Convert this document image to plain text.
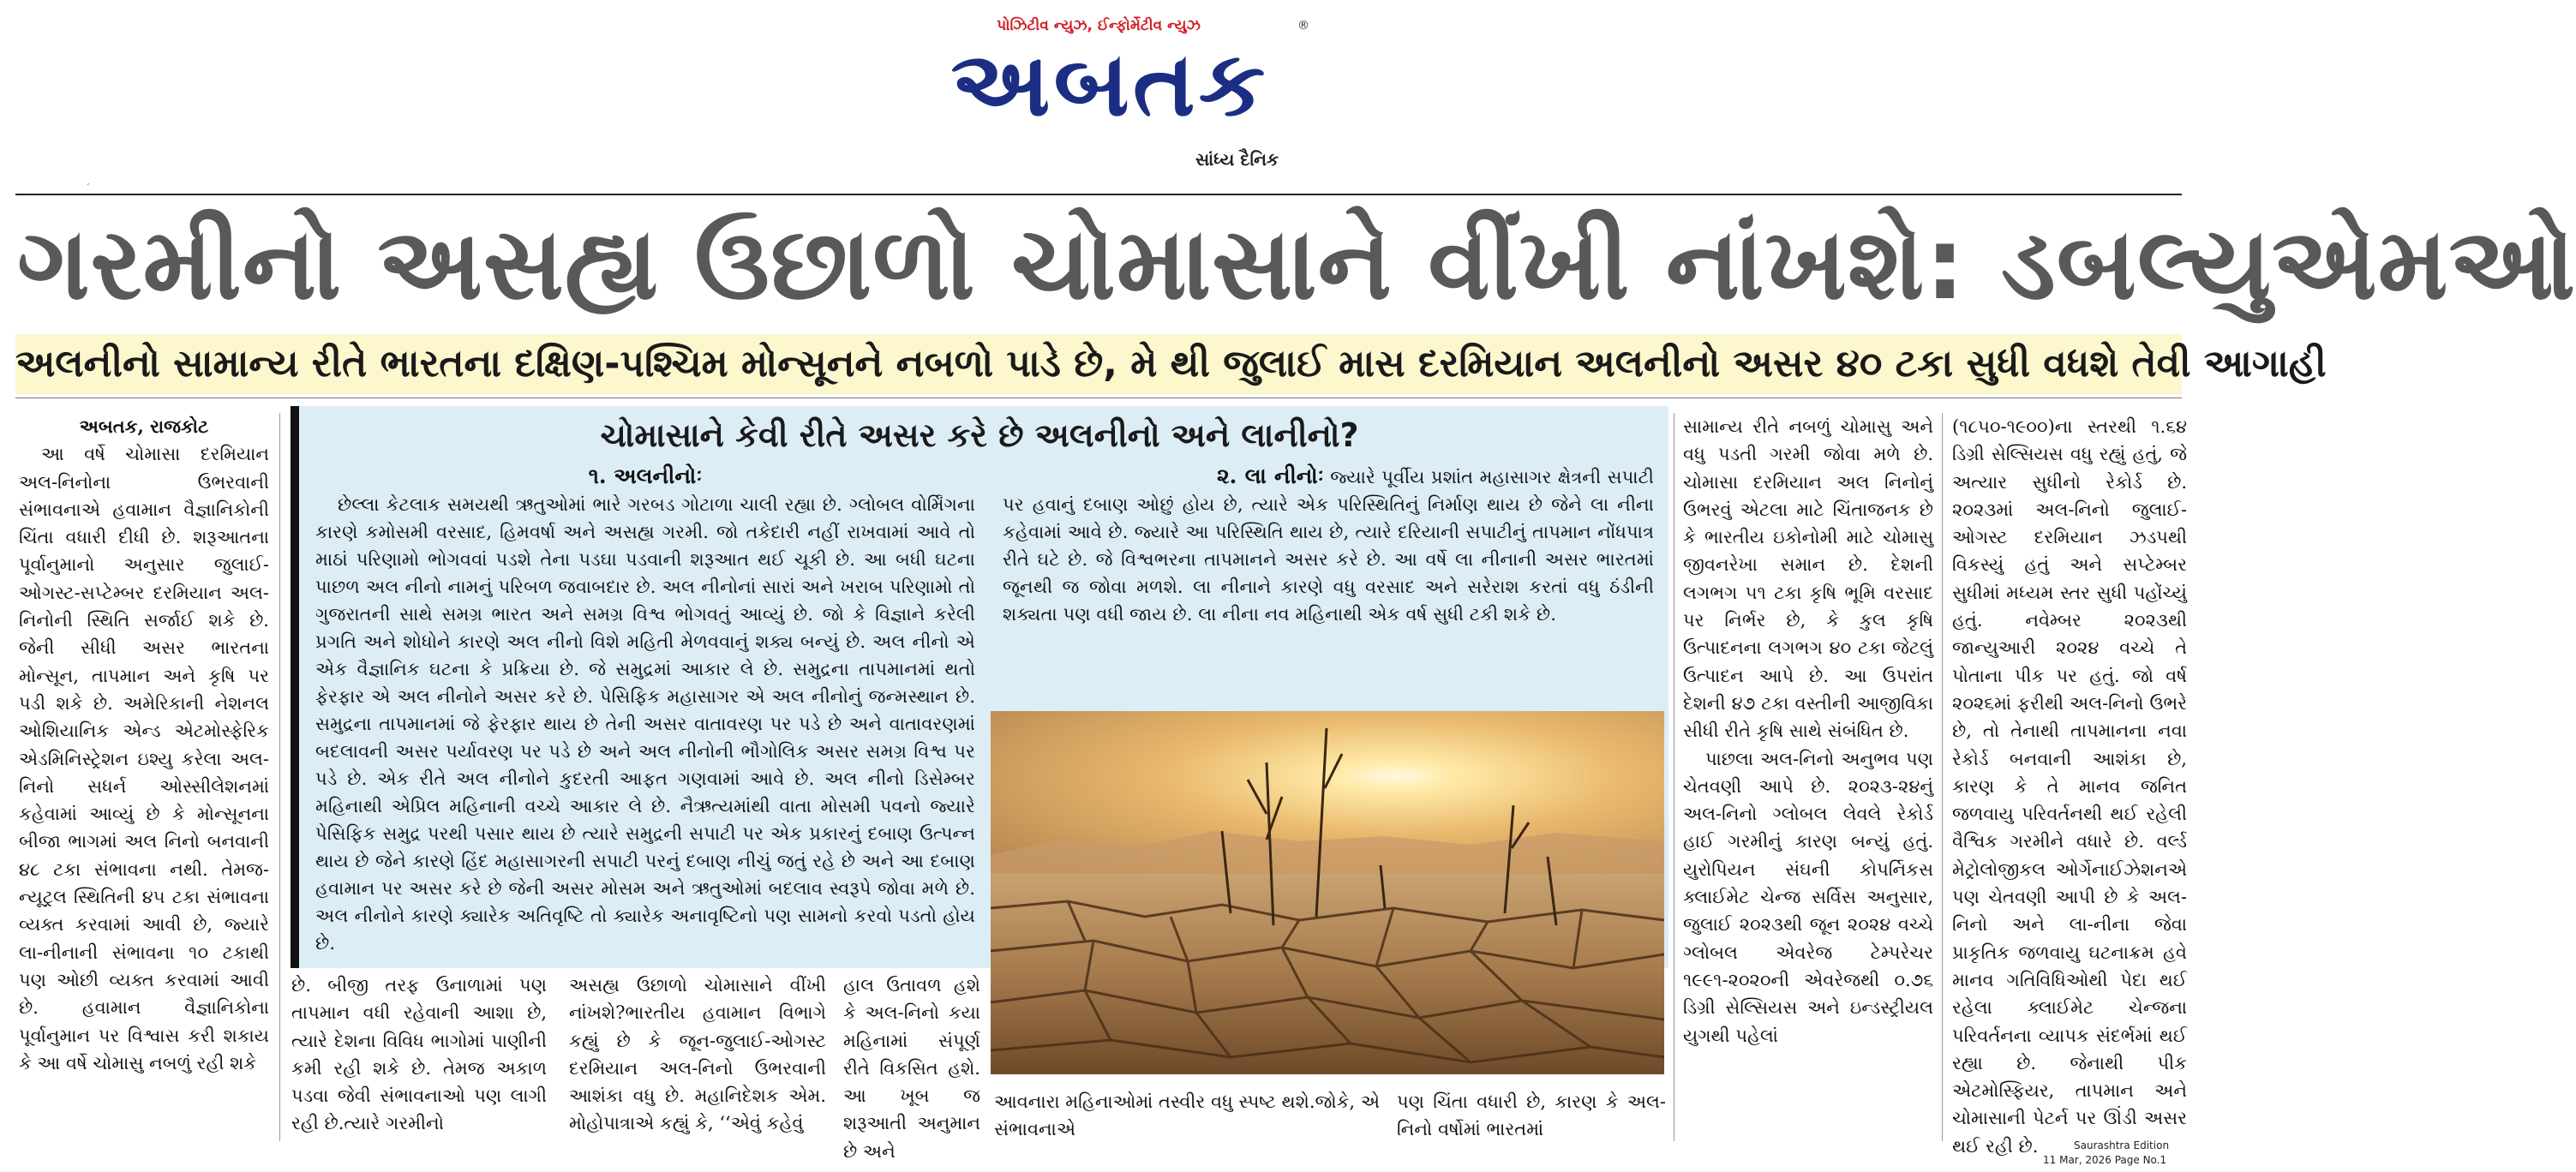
પોઝિટીવ ન્યુઝ, ઈન્ફોર્મેટીવ ન્યુઝ
અબતક
®
સાંધ્ય દૈનિક
´
ગરમીનો અસહ્ય ઉછાળો ચોમાસાને વીંખી નાંખશે: ડબલ્યુએમઓ
અલનીનો સામાન્ય રીતે ભારતના દક્ષિણ-પશ્ચિમ મોન્સૂનને નબળો પાડે છે, મે થી જુલાઈ માસ દરમિયાન અલનીનો અસર ૪૦ ટકા સુધી વધશે તેવી આગાહી
અબતક, રાજકોટ

આ વર્ષે ચોમાસા દરમિયાન અલ-નિનોના ઉભરવાની સંભાવનાએ હવામાન વૈજ્ઞાનિકોની ચિંતા વધારી દીધી છે. શરૂઆતના પૂર્વાનુમાનો અનુસાર જુલાઈ-ઓગસ્ટ-સપ્ટેમ્બર દરમિયાન અલ-નિનોની સ્થિતિ સર્જાઈ શકે છે. જેની સીધી અસર ભારતના મોન્સૂન, તાપમાન અને કૃષિ પર પડી શકે છે. અમેરિકાની નેશનલ ઓશિયાનિક એન્ડ એટમોસ્ફેરિક એડમિનિસ્ટ્રેશન ઇશ્યુ કરેલા અલ-નિનો સધર્ન ઓસ્સીલેશનમાં કહેવામાં આવ્યું છે કે મોન્સૂનના બીજા ભાગમાં અલ નિનો બનવાની ૪૮ ટકા સંભાવના નથી. તેમજ-ન્યૂટ્રલ સ્થિતિની ૪૫ ટકા સંભાવના વ્યક્ત કરવામાં આવી છે, જ્યારે લા-નીનાની સંભાવના ૧૦ ટકાથી પણ ઓછી વ્યક્ત કરવામાં આવી છે. હવામાન વૈજ્ઞાનિકોના પૂર્વાનુમાન પર વિશ્વાસ કરી શકાય કે આ વર્ષે ચોમાસુ નબળું રહી શકે

ચોમાસાને કેવી રીતે અસર કરે છે અલનીનો અને લાનીનો?
૧. અલનીનોઃ

છેલ્લા કેટલાક સમયથી ઋતુઓમાં ભારે ગરબડ ગોટાળા ચાલી રહ્યા છે. ગ્લોબલ વોર્મિંગના કારણે કમોસમી વરસાદ, હિમવર્ષા અને અસહ્ય ગરમી. જો તકેદારી નહીં રાખવામાં આવે તો માઠાં પરિણામો ભોગવવાં પડશે તેના પડઘા પડવાની શરૂઆત થઈ ચૂકી છે. આ બધી ઘટના પાછળ અલ નીનો નામનું પરિબળ જવાબદાર છે. અલ નીનોનાં સારાં અને ખરાબ પરિણામો તો ગુજરાતની સાથે સમગ્ર ભારત અને સમગ્ર વિશ્વ ભોગવતું આવ્યું છે. જો કે વિજ્ઞાને કરેલી પ્રગતિ અને શોધોને કારણે અલ નીનો વિશે મહિતી મેળવવાનું શક્ય બન્યું છે. અલ નીનો એ એક વૈજ્ઞાનિક ઘટના કે પ્રક્રિયા છે. જે સમુદ્રમાં આકાર લે છે. સમુદ્રના તાપમાનમાં થતો ફેરફાર એ અલ નીનોને અસર કરે છે. પેસિફિક મહાસાગર એ અલ નીનોનું જન્મસ્થાન છે. સમુદ્રના તાપમાનમાં જે ફેરફાર થાય છે તેની અસર વાતાવરણ પર પડે છે અને વાતાવરણમાં બદલાવની અસર પર્યાવરણ પર પડે છે અને અલ નીનોની ભૌગોલિક અસર સમગ્ર વિશ્વ પર પડે છે. એક રીતે અલ નીનોને કુદરતી આફત ગણવામાં આવે છે. અલ નીનો ડિસેમ્બર મહિનાથી એપ્રિલ મહિનાની વચ્ચે આકાર લે છે. નૈઋત્યમાંથી વાતા મોસમી પવનો જ્યારે પેસિફિક સમુદ્ર પરથી પસાર થાય છે ત્યારે સમુદ્રની સપાટી પર એક પ્રકારનું દબાણ ઉત્પન્ન થાય છે જેને કારણે હિંદ મહાસાગરની સપાટી પરનું દબાણ નીચું જતું રહે છે અને આ દબાણ હવામાન પર અસર કરે છે જેની અસર મોસમ અને ઋતુઓમાં બદલાવ સ્વરૂપે જોવા મળે છે. અલ નીનોને કારણે ક્યારેક અતિવૃષ્ટિ તો ક્યારેક અનાવૃષ્ટિનો પણ સામનો કરવો પડતો હોય છે.

૨. લા નીનોઃ જ્યારે પૂર્વીય પ્રશાંત મહાસાગર ક્ષેત્રની સપાટી પર હવાનું દબાણ ઓછું હોય છે, ત્યારે એક પરિસ્થિતિનું નિર્માણ થાય છે જેને લા નીના કહેવામાં આવે છે. જ્યારે આ પરિસ્થિતિ થાય છે, ત્યારે દરિયાની સપાટીનું તાપમાન નોંધપાત્ર રીતે ઘટે છે. જે વિશ્વભરના તાપમાનને અસર કરે છે. આ વર્ષે લા નીનાની અસર ભારતમાં જૂનથી જ જોવા મળશે. લા નીનાને કારણે વધુ વરસાદ અને સરેરાશ કરતાં વધુ ઠંડીની શક્યતા પણ વધી જાય છે. લા નીના નવ મહિનાથી એક વર્ષ સુધી ટકી શકે છે.

છે. બીજી તરફ ઉનાળામાં પણ તાપમાન વધી રહેવાની આશા છે, ત્યારે દેશના વિવિધ ભાગોમાં પાણીની કમી રહી શકે છે. તેમજ અકાળ પડવા જેવી સંભાવનાઓ પણ લાગી રહી છે.ત્યારે ગરમીનો
અસહ્ય ઉછાળો ચોમાસાને વીંખી નાંખશે?ભારતીય હવામાન વિભાગે કહ્યું છે કે જૂન-જુલાઈ-ઓગસ્ટ દરમિયાન અલ-નિનો ઉભરવાની આશંકા વધુ છે. મહાનિદેશક એમ. મોહોપાત્રાએ કહ્યું કે, ‘‘એવું કહેવું
હાલ ઉતાવળ હશે કે અલ-નિનો કયા મહિનામાં સંપૂર્ણ રીતે વિકસિત હશે. આ ખૂબ જ શરૂઆતી અનુમાન છે અને
આવનારા મહિનાઓમાં તસ્વીર વધુ સ્પષ્ટ થશે.જોકે, એ સંભાવનાએ
પણ ચિંતા વધારી છે, કારણ કે અલ-નિનો વર્ષોમાં ભારતમાં

સામાન્ય રીતે નબળું ચોમાસુ અને વધુ પડતી ગરમી જોવા મળે છે. ચોમાસા દરમિયાન અલ નિનોનું ઉભરવું એટલા માટે ચિંતાજનક છે કે ભારતીય ઇકોનોમી માટે ચોમાસુ જીવનરેખા સમાન છે. દેશની લગભગ ૫૧ ટકા કૃષિ ભૂમિ વરસાદ પર નિર્ભર છે, કે કુલ કૃષિ ઉત્પાદનના લગભગ ૪૦ ટકા જેટલું ઉત્પાદન આપે છે. આ ઉપરાંત દેશની ૪૭ ટકા વસ્તીની આજીવિકા સીધી રીતે કૃષિ સાથે સંબંધિત છે.

પાછલા અલ-નિનો અનુભવ પણ ચેતવણી આપે છે. ૨૦૨૩-૨૪નું અલ-નિનો ગ્લોબલ લેવલે રેકોર્ડ હાઈ ગરમીનું કારણ બન્યું હતું. યુરોપિયન સંઘની કોપર્નિકસ ક્લાઈમેટ ચેન્જ સર્વિસ અનુસાર, જુલાઈ ૨૦૨૩થી જૂન ૨૦૨૪ વચ્ચે ગ્લોબલ એવરેજ ટેમ્પરેચર ૧૯૯૧-૨૦૨૦ની એવરેજથી ૦.૭૬ ડિગ્રી સેલ્સિયસ અને ઇન્ડસ્ટ્રીયલ યુગથી પહેલાં

(૧૮૫૦-૧૯૦૦)ના સ્તરથી ૧.૬૪ ડિગ્રી સેલ્સિયસ વધુ રહ્યું હતું, જે અત્યાર સુધીનો રેકોર્ડ છે. ૨૦૨૩માં અલ-નિનો જુલાઈ-ઓગસ્ટ દરમિયાન ઝડપથી વિકસ્યું હતું અને સપ્ટેમ્બર સુધીમાં મધ્યમ સ્તર સુધી પહોંચ્યું હતું. નવેમ્બર ૨૦૨૩થી જાન્યુઆરી ૨૦૨૪ વચ્ચે તે પોતાના પીક પર હતું. જો વર્ષ ૨૦૨૬માં ફરીથી અલ-નિનો ઉભરે છે, તો તેનાથી તાપમાનના નવા રેકોર્ડ બનવાની આશંકા છે, કારણ કે તે માનવ જનિત જળવાયુ પરિવર્તનથી થઈ રહેલી વૈશ્વિક ગરમીને વધારે છે. વર્લ્ડ મેટ્રોલોજીકલ ઓર્ગેનાઈઝેશનએ પણ ચેતવણી આપી છે કે અલ-નિનો અને લા-નીના જેવા પ્રાકૃતિક જળવાયુ ઘટનાક્રમ હવે માનવ ગતિવિધિઓથી પેદા થઈ રહેલા ક્લાઈમેટ ચેન્જના પરિવર્તનના વ્યાપક સંદર્ભમાં થઈ રહ્યા છે. જેનાથી પીક એટમોસ્ફિયર, તાપમાન અને ચોમાસાની પેટર્ન પર ઊંડી અસર થઈ રહી છે.	Saurashtra Edition
11 Mar, 2026 Page No.1
